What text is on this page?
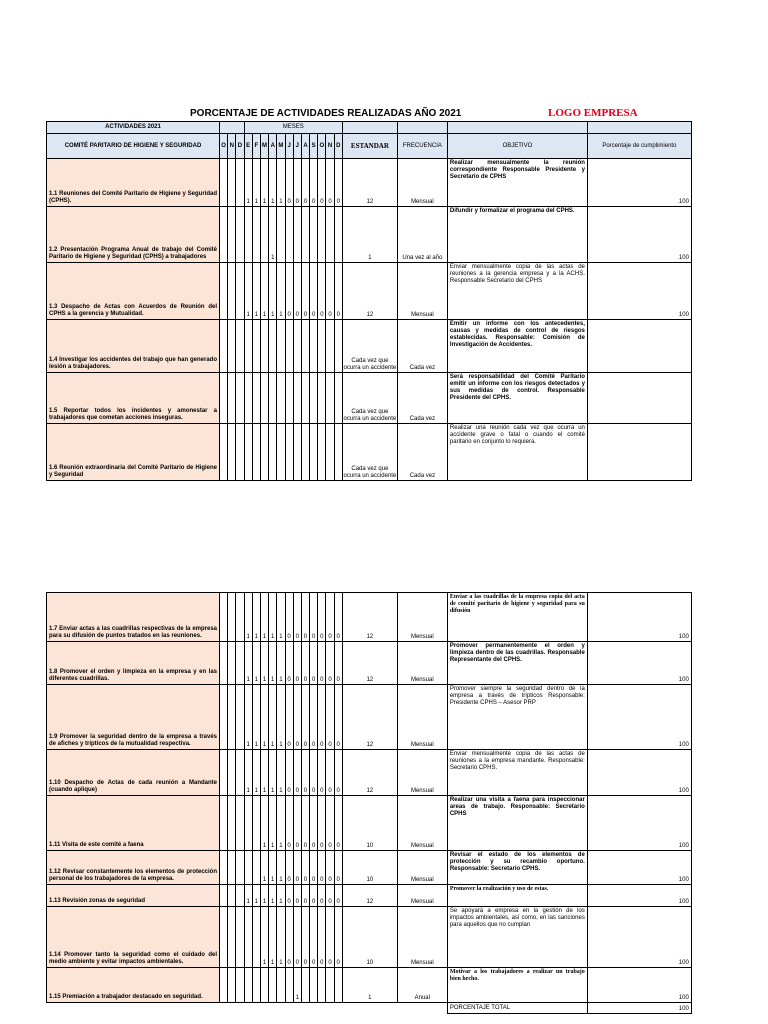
PORCENTAJE DE ACTIVIDADES REALIZADAS AÑO 2021	LOGO EMPRESA
ACTIVIDADES 2021				MESES															
COMITÉ PARITARIO DE HIGIENE Y SEGURIDAD	O	N	D	E	F	M	A	M	J	J	A	S	O	N	D	ESTANDAR	FRECUENCIA	OBJETIVO	Porcentaje de cumplimiento
1.1 Reuniones del Comité Paritario de Higiene y Seguridad (CPHS).				1	1	1	1	1	0	0	0	0	0	0	0	12	Mensual	Realizar mensualmente la reunión correspondiente Responsable Presidente y Secretario de CPHS	100
1.2 Presentación Programa Anual de trabajo del Comité Paritario de Higiene y Seguridad (CPHS) a trabajadores							1									1	Una vez al año	Difundir y formalizar el programa del CPHS.	100
1.3 Despacho de Actas con Acuerdos de Reunión del CPHS a la gerencia y Mutualidad.				1	1	1	1	1	0	0	0	0	0	0	0	12	Mensual	Enviar mensualmente copia de las actas de reuniones a la gerencia empresa y a la ACHS. Responsable Secretario del CPHS	100
1.4 Investigar los accidentes del trabajo que han generado lesión a trabajadores.																Cada vez que ocurra un accidente	Cada vez	Emitir un informe con los antecedentes, causas y medidas de control de riesgos establecidas. Responsable: Comisión de Investigación de Accidentes.	
1.5 Reportar todos los incidentes y amonestar a trabajadores que cometan acciones inseguras.																Cada vez que ocurra un accidente	Cada vez	Será responsabilidad del Comité Paritario emitir un informe con los riesgos detectados y sus medidas de control. Responsable Presidente del CPHS.	
1.6 Reunión extraordinaria del Comité Paritario de Higiene y Seguridad																Cada vez que ocurra un accidente	Cada vez	Realizar una reunión cada vez que ocurra un accidente grave o fatal o cuando el comité paritario en conjunto lo requiera.	
1.7 Enviar actas a las cuadrillas respectivas de la empresa para su difusión de puntos tratados en las reuniones.				1	1	1	1	1	0	0	0	0	0	0	0	12	Mensual	Enviar a las cuadrillas de la empresa copia del acta de comité paritario de higiene y seguridad para su difusión	100
1.8 Promover el orden y limpieza en la empresa y en las diferentes cuadrillas.				1	1	1	1	1	0	0	0	0	0	0	0	12	Mensual	Promover permanentemente el orden y limpieza dentro de las cuadrillas. Responsable Representante del CPHS.	100
1.9 Promover la seguridad dentro de la empresa a través de afiches y trípticos de la mutualidad respectiva.				1	1	1	1	1	0	0	0	0	0	0	0	12	Mensual	Promover siempre la seguridad dentro de la empresa a través de trípticos Responsable: Presidente CPHS – Asesor PRP	100
1.10 Despacho de Actas de cada reunión a Mandante (cuando aplique)				1	1	1	1	1	0	0	0	0	0	0	0	12	Mensual	Enviar mensualmente copia de las actas de reuniones a la empresa mandante. Responsable: Secretario CPHS.	100
1.11 Visita de este comité a faena						1	1	1	0	0	0	0	0	0	0	10	Mensual	Realizar una visita a faena para inspeccionar areas de trabajo. Responsable: Secretario CPHS	100
1.12 Revisar constantemente los elementos de protección personal de los trabajadores de la empresa.						1	1	1	0	0	0	0	0	0	0	10	Mensual	Revisar el estado de los elementos de protección y su recambio oportuno. Responsable: Secretario CPHS.	100
1.13 Revisión zonas de seguridad				1	1	1	1	1	0	0	0	0	0	0	0	12	Mensual	Promover la realización y uso de estas.	100
1.14 Promover tanto la seguridad como el cuidado del medio ambiente y evitar impactos ambientales.						1	1	1	0	0	0	0	0	0	0	10	Mensual	Se apoyará a empresa en la gestión de los impactos ambientales, así como, en las sanciones para aquellos que no cumplan	100
1.15 Premiación a trabajador destacado en seguridad.										1						1	Anual	Motivar a los trabajadores a realizar un trabajo bien hecho.	100
																		PORCENTAJE TOTAL	100
